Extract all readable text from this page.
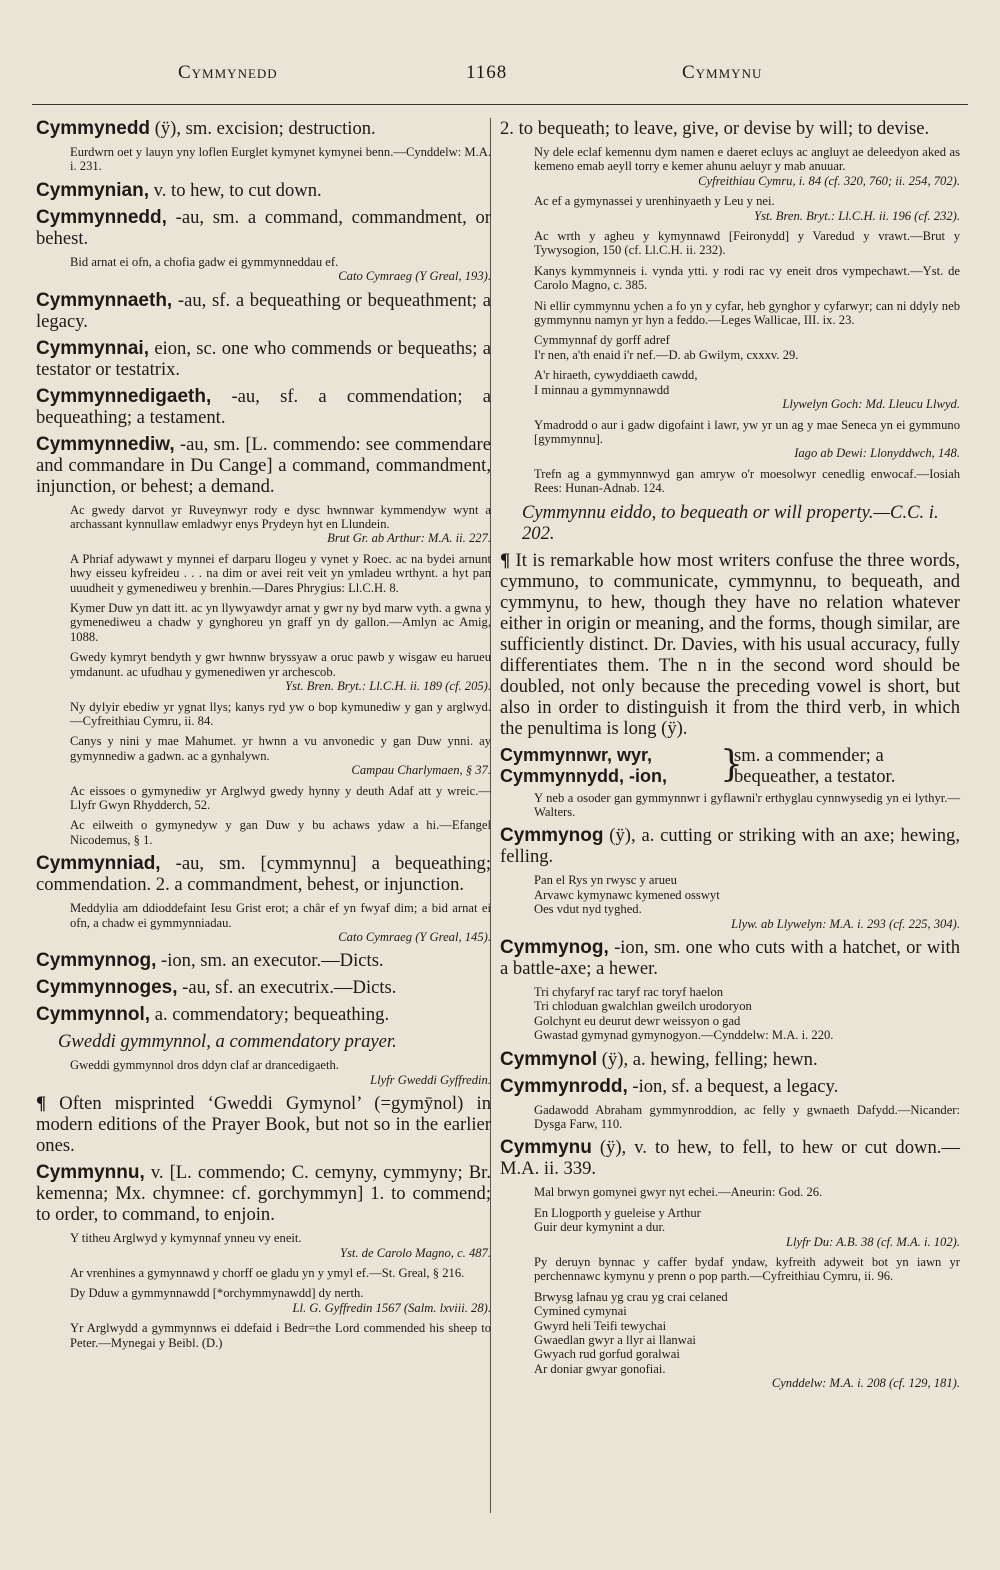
Cymmynedd	1168	Cymmynu

Cymmynedd (ÿ), sm. excision; destruction.

Eurdwrn oet y lauyn yny loflen Eurglet kymynet kymynei benn.—Cynddelw: M.A. i. 231.

Cymmynian, v. to hew, to cut down.

Cymmynnedd, -au, sm. a command, commandment, or behest.

Bid arnat ei ofn, a chofia gadw ei gymmynneddau ef.
Cato Cymraeg (Y Greal, 193).

Cymmynnaeth, -au, sf. a bequeathing or bequeathment; a legacy.

Cymmynnai, eion, sc. one who commends or bequeaths; a testator or testatrix.

Cymmynnedigaeth, -au, sf. a commendation; a bequeathing; a testament.

Cymmynnediw, -au, sm. [L. commendo: see commendare and commandare in Du Cange] a command, commandment, injunction, or behest; a demand.

Ac gwedy darvot yr Ruveynwyr rody e dysc hwnnwar kymmendyw wynt a archassant kynnullaw emladwyr enys Prydeyn hyt en Llundein.
Brut Gr. ab Arthur: M.A. ii. 227.

A Phriaf adywawt y mynnei ef darparu llogeu y vynet y Roec. ac na bydei arnunt hwy eisseu kyfreideu . . . na dim or avei reit veit yn ymladeu wrthynt. a hyt pan uuudheit y gymenediweu y brenhin.—Dares Phrygius: Ll.C.H. 8.

Kymer Duw yn datt itt. ac yn llywyawdyr arnat y gwr ny byd marw vyth. a gwna y gymenediweu a chadw y gynghoreu yn graff yn dy gallon.—Amlyn ac Amig, 1088.

Gwedy kymryt bendyth y gwr hwnnw bryssyaw a oruc pawb y wisgaw eu harueu ymdanunt. ac ufudhau y gymenediwen yr archescob.
Yst. Bren. Bryt.: Ll.C.H. ii. 189 (cf. 205).

Ny dylyir ebediw yr ygnat llys; kanys ryd yw o bop kymunediw y gan y arglwyd.—Cyfreithiau Cymru, ii. 84.

Canys y nini y mae Mahumet. yr hwnn a vu anvonedic y gan Duw ynni. ay gymynnediw a gadwn. ac a gynhalywn.
Campau Charlymaen, § 37.

Ac eissoes o gymynediw yr Arglwyd gwedy hynny y deuth Adaf att y wreic.—Llyfr Gwyn Rhydderch, 52.

Ac eilweith o gymynedyw y gan Duw y bu achaws ydaw a hi.—Efangel Nicodemus, § 1.

Cymmynniad, -au, sm. [cymmynnu] a bequeathing; commendation. 2. a commandment, behest, or injunction.

Meddylia am ddioddefaint Iesu Grist erot; a châr ef yn fwyaf dim; a bid arnat ei ofn, a chadw ei gymmynniadau.
Cato Cymraeg (Y Greal, 145).

Cymmynnog, -ion, sm. an executor.—Dicts.

Cymmynnoges, -au, sf. an executrix.—Dicts.

Cymmynnol, a. commendatory; bequeathing.

Gweddi gymmynnol, a commendatory prayer.

Gweddi gymmynnol dros ddyn claf ar drancedigaeth.
Llyfr Gweddi Gyffredin.

¶ Often misprinted ‘Gweddi Gymynol’ (=gymȳnol) in modern editions of the Prayer Book, but not so in the earlier ones.

Cymmynnu, v. [L. commendo; C. cemyny, cymmyny; Br. kemenna; Mx. chymnee: cf. gorchymmyn] 1. to commend; to order, to command, to enjoin.

Y titheu Arglwyd y kymynnaf ynneu vy eneit.
Yst. de Carolo Magno, c. 487.

Ar vrenhines a gymynnawd y chorff oe gladu yn y ymyl ef.—St. Greal, § 216.

Dy Dduw a gymmynnawdd [*orchymmynawdd] dy nerth.
Ll. G. Gyffredin 1567 (Salm. lxviii. 28).

Yr Arglwydd a gymmynnws ei ddefaid i Bedr=the Lord commended his sheep to Peter.—Mynegai y Beibl. (D.)

2. to bequeath; to leave, give, or devise by will; to devise.

Ny dele eclaf kemennu dym namen e daeret ecluys ac angluyt ae deleedyon aked as kemeno emab aeyll torry e kemer ahunu aeluyr y mab anuuar.
Cyfreithiau Cymru, i. 84 (cf. 320, 760; ii. 254, 702).

Ac ef a gymynassei y urenhinyaeth y Leu y nei.
Yst. Bren. Bryt.: Ll.C.H. ii. 196 (cf. 232).

Ac wrth y agheu y kymynnawd [Feironydd] y Varedud y vrawt.—Brut y Tywysogion, 150 (cf. Ll.C.H. ii. 232).

Kanys kymmynneis i. vynda ytti. y rodi rac vy eneit dros vympechawt.—Yst. de Carolo Magno, c. 385.

Ni ellir cymmynnu ychen a fo yn y cyfar, heb gynghor y cyfarwyr; can ni ddyly neb gymmynnu namyn yr hyn a feddo.—Leges Wallicae, III. ix. 23.

Cymmynnaf dy gorff adref
I'r nen, a'th enaid i'r nef.—D. ab Gwilym, cxxxv. 29.
A'r hiraeth, cywyddiaeth cawdd,
I minnau a gymmynnawdd
Llywelyn Goch: Md. Lleucu Llwyd.

Ymadrodd o aur i gadw digofaint i lawr, yw yr un ag y mae Seneca yn ei gymmuno [gymmynnu].
Iago ab Dewi: Llonyddwch, 148.

Trefn ag a gymmynnwyd gan amryw o'r moesolwyr cenedlig enwocaf.—Iosiah Rees: Hunan-Adnab. 124.

Cymmynnu eiddo, to bequeath or will property.—C.C. i. 202.

¶ It is remarkable how most writers confuse the three words, cymmuno, to communicate, cymmynnu, to bequeath, and cymmynu, to hew, though they have no relation whatever either in origin or meaning, and the forms, though similar, are sufficiently distinct. Dr. Davies, with his usual accuracy, fully differentiates them. The n in the second word should be doubled, not only because the preceding vowel is short, but also in order to distinguish it from the third verb, in which the penultima is long (ÿ).

Cymmynnwr, wyr,
Cymmynnydd, -ion,	}sm. a commender; a bequeather, a testator.

Y neb a osoder gan gymmynnwr i gyflawni'r erthyglau cynnwysedig yn ei lythyr.—Walters.

Cymmynog (ÿ), a. cutting or striking with an axe; hewing, felling.

Pan el Rys yn rwysc y arueu
Arvawc kymynawc kymened osswyt
Oes vdut nyd tyghed.
Llyw. ab Llywelyn: M.A. i. 293 (cf. 225, 304).

Cymmynog, -ion, sm. one who cuts with a hatchet, or with a battle-axe; a hewer.

Tri chyfaryf rac taryf rac toryf haelon
Tri chloduan gwalchlan gweilch urodoryon
Golchynt eu deurut dewr weissyon o gad
Gwastad gymynad gymynogyon.—Cynddelw: M.A. i. 220.

Cymmynol (ÿ), a. hewing, felling; hewn.

Cymmynrodd, -ion, sf. a bequest, a legacy.

Gadawodd Abraham gymmynroddion, ac felly y gwnaeth Dafydd.—Nicander: Dysga Farw, 110.

Cymmynu (ÿ), v. to hew, to fell, to hew or cut down.—M.A. ii. 339.

Mal brwyn gomynei gwyr nyt echei.—Aneurin: God. 26.

En Llogporth y gueleise y Arthur
Guir deur kymynint a dur.
Llyfr Du: A.B. 38 (cf. M.A. i. 102).

Py deruyn bynnac y caffer bydaf yndaw, kyfreith adyweit bot yn iawn yr perchennawc kymynu y prenn o pop parth.—Cyfreithiau Cymru, ii. 96.

Brwysg lafnau yg crau yg crai celaned
Cymined cymynai
Gwyrd heli Teifi tewychai
Gwaedlan gwyr a llyr ai llanwai
Gwyach rud gorfud goralwai
Ar doniar gwyar gonofiai.
Cynddelw: M.A. i. 208 (cf. 129, 181).
